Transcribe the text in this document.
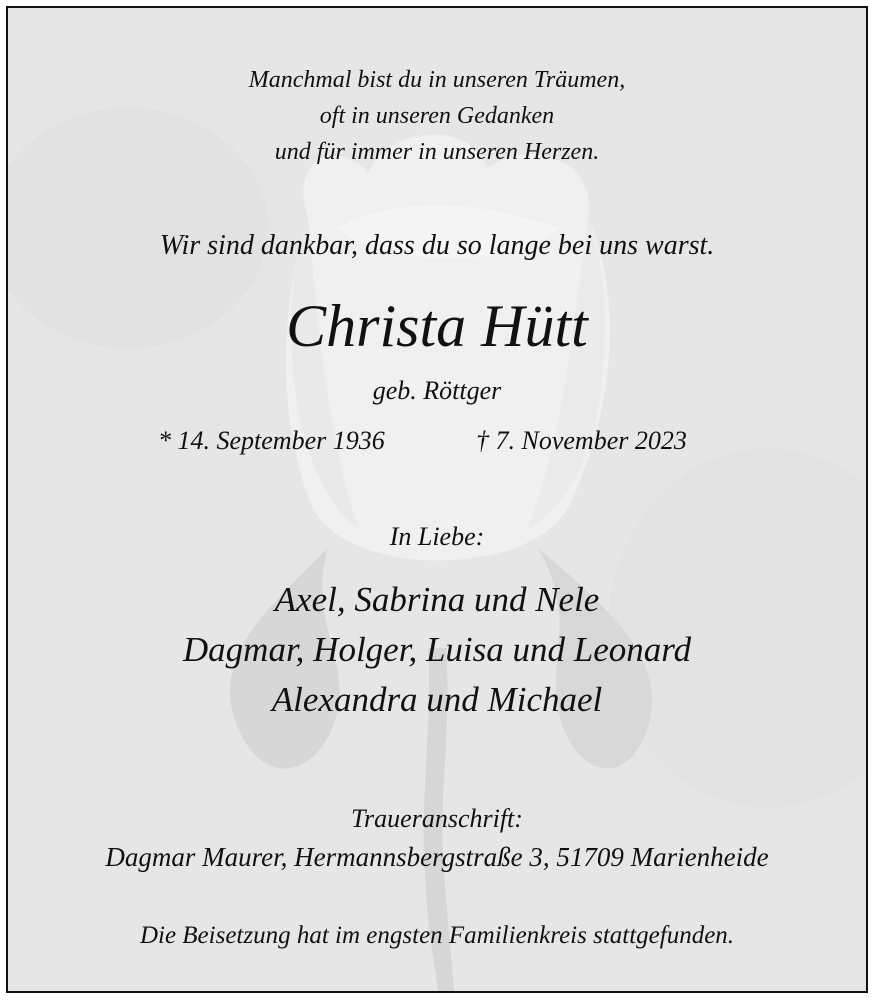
Manchmal bist du in unseren Träumen,
oft in unseren Gedanken
und für immer in unseren Herzen.
Wir sind dankbar, dass du so lange bei uns warst.
Christa Hütt
geb. Röttger
* 14. September 1936	† 7. November 2023
In Liebe:
Axel, Sabrina und Nele
Dagmar, Holger, Luisa und Leonard
Alexandra und Michael
Traueranschrift:
Dagmar Maurer, Hermannsbergstraße 3, 51709 Marienheide
Die Beisetzung hat im engsten Familienkreis stattgefunden.
